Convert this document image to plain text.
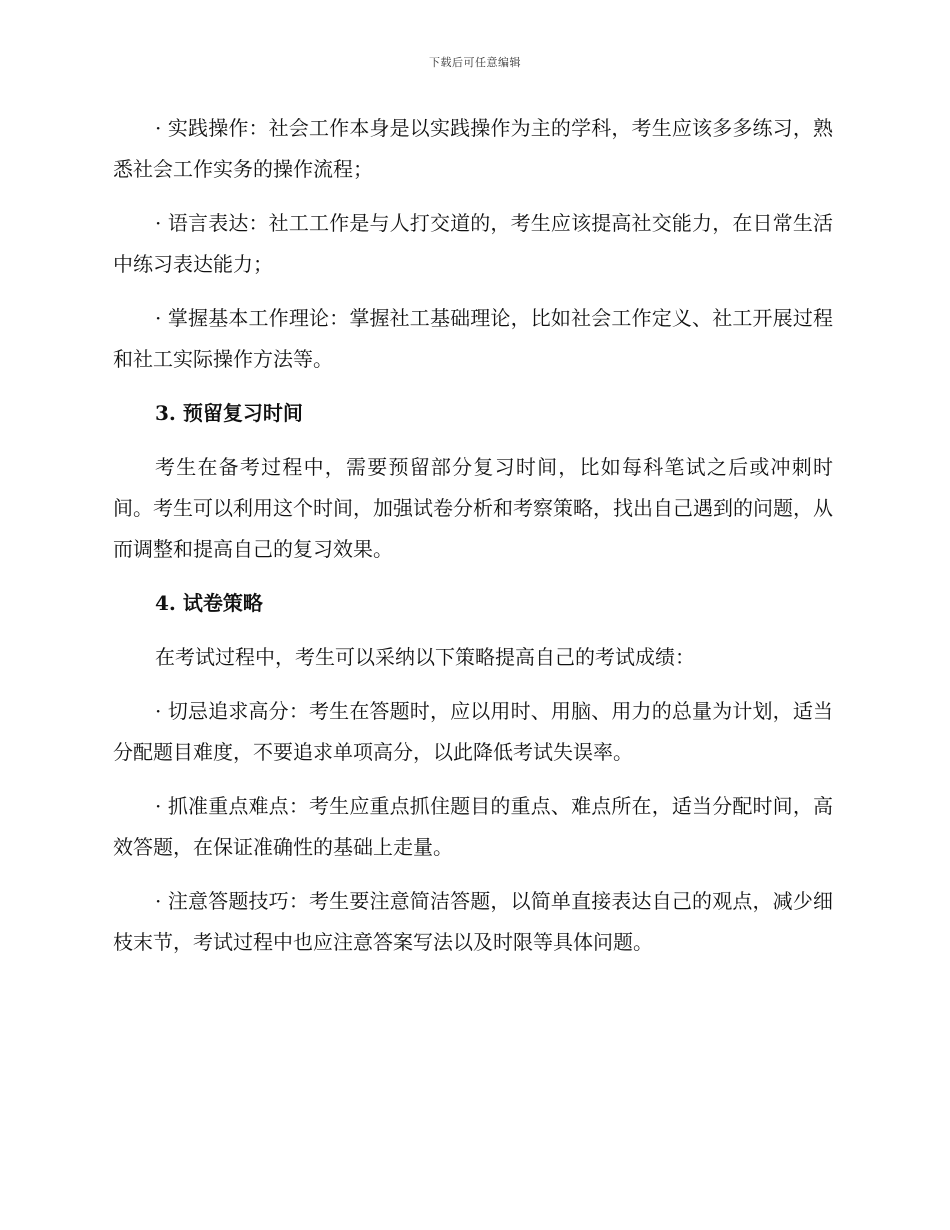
下载后可任意编辑

· 实践操作：社会工作本身是以实践操作为主的学科，考生应该多多练习，熟悉社会工作实务的操作流程；

· 语言表达：社工工作是与人打交道的，考生应该提高社交能力，在日常生活中练习表达能力；

· 掌握基本工作理论：掌握社工基础理论，比如社会工作定义、社工开展过程和社工实际操作方法等。

3. 预留复习时间

考生在备考过程中，需要预留部分复习时间，比如每科笔试之后或冲刺时间。考生可以利用这个时间，加强试卷分析和考察策略，找出自己遇到的问题，从而调整和提高自己的复习效果。

4. 试卷策略

在考试过程中，考生可以采纳以下策略提高自己的考试成绩：

· 切忌追求高分：考生在答题时，应以用时、用脑、用力的总量为计划，适当分配题目难度，不要追求单项高分，以此降低考试失误率。

· 抓准重点难点：考生应重点抓住题目的重点、难点所在，适当分配时间，高效答题，在保证准确性的基础上走量。

· 注意答题技巧：考生要注意简洁答题，以简单直接表达自己的观点，减少细枝末节，考试过程中也应注意答案写法以及时限等具体问题。
